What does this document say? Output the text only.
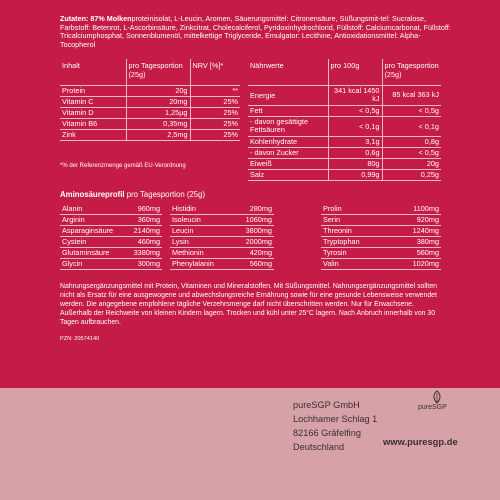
Zutaten: 87% Molkenproteinisolat, L-Leucin, Aromen, Säuerungsmittel: Citronensäure, Süßungsmit-tel: Sucralose, Farbstoff: Betenrot, L-Ascorbinsäure, Zinkcitrat, Cholecalciferol, Pyridoxinhydrochlorid, Füllstoff: Calciumcarbonat, Füllstoff: Tricalciumphosphat, Sonnenblumenöl, mittelkettige Triglyceride, Emulgator: Lecithine, Antioxidationsmittel: Alpha-Tocopherol
Inhalt	pro Tagesportion (25g)	NRV [%]*
Protein	20g	**
Vitamin C	20mg	25%
Vitamin D	1,25µg	25%
Vitamin B6	0,35mg	25%
Zink	2,5mg	25%
Nährwerte	pro 100g	pro Tagesportion (25g)
Energie	341 kcal 1450 kJ	85 kcal 363 kJ
Fett	< 0,5g	< 0,5g
- davon gesättigte Fettsäuren	< 0,1g	< 0,1g
Kohlenhydrate	3,1g	0,8g
- davon Zucker	0,6g	< 0,5g
Eiweiß	80g	20g
Salz	0,99g	0,25g
*% der Referenzmenge gemäß EU-Verordnung
Aminosäureprofil pro Tagesportion (25g)
Alanin	960mg
Arginin	360mg
Asparaginsäure	2140mg
Cystein	460mg
Glutaminsäure	3380mg
Glycin	300mg
Histidin	280mg
Isoleucin	1060mg
Leucin	3800mg
Lysin	2000mg
Methionin	420mg
Phenylalanin	560mg
Prolin	1100mg
Serin	920mg
Threonin	1240mg
Tryptophan	380mg
Tyrosin	560mg
Valin	1020mg
Nahrungsergänzungsmittel mit Protein, Vitaminen und Mineralstoffen. Mit Süßungsmittel. Nahrungsergänzungsmittel sollten nicht als Ersatz für eine ausgewogene und abwechslungsreiche Ernährung sowie für eine gesunde Lebensweise verwendet werden. Die angegebene empfohlene tägliche Verzehrsmenge darf nicht überschritten werden. Nur für Erwachsene. Außerhalb der Reichweite von kleinen Kindern lagern. Trocken und kühl unter 25°C lagern. Nach Anbruch innerhalb von 30 Tagen aufbrauchen.
PZN: 20574140
pureSGP GmbH
Lochhamer Schlag 1
82166 Gräfelfing
Deutschland
pureSGP
www.puresgp.de
